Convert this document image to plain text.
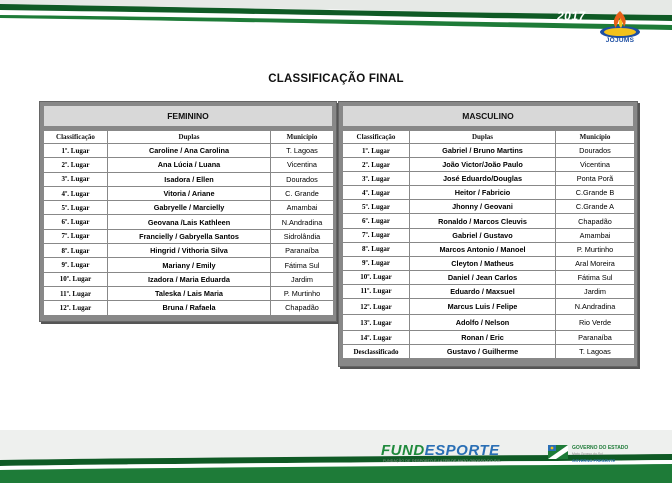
2017
JOJUMS
CLASSIFICAÇÃO FINAL
FEMININO
Classificação	Duplas	Município
1º. Lugar	Caroline / Ana Carolina	T. Lagoas
2º. Lugar	Ana Lúcia / Luana	Vicentina
3º. Lugar	Isadora / Ellen	Dourados
4º. Lugar	Vitoria / Ariane	C. Grande
5º. Lugar	Gabryelle / Marcielly	Amambai
6º. Lugar	Geovana /Lais Kathleen	N.Andradina
7º. Lugar	Francielly / Gabryella Santos	Sidrolândia
8º. Lugar	Hingrid / Vithoria Silva	Paranaíba
9º. Lugar	Mariany / Emily	Fátima Sul
10º. Lugar	Izadora / Maria Eduarda	Jardim
11º. Lugar	Taleska / Lais Maria	P. Murtinho
12º. Lugar	Bruna / Rafaela	Chapadão
MASCULINO
Classificação	Duplas	Município
1º. Lugar	Gabriel / Bruno Martins	Dourados
2º. Lugar	João Victor/João Paulo	Vicentina
3º. Lugar	José Eduardo/Douglas	Ponta Porã
4º. Lugar	Heitor / Fabricio	C.Grande B
5º. Lugar	Jhonny / Geovani	C.Grande A
6º. Lugar	Ronaldo / Marcos Cleuvis	Chapadão
7º. Lugar	Gabriel / Gustavo	Amambai
8º. Lugar	Marcos Antonio / Manoel	P. Murtinho
9º. Lugar	Cleyton / Matheus	Aral Moreira
10º. Lugar	Daniel / Jean Carlos	Fátima Sul
11º. Lugar	Eduardo / Maxsuel	Jardim
12º. Lugar	Marcus Luis / Felipe	N.Andradina
13º. Lugar	Adolfo / Nelson	Rio Verde
14º. Lugar	Ronan / Eric	Paranaíba
Desclassificado	Gustavo / Guilherme	T. Lagoas
FUNDESPORTE
FUNDAÇÃO DE DESPORTO E LAZER DE MATO GROSSO DO SUL
GOVERNO DO ESTADO
Mato Grosso do Sul
GOVERNO PRESENTE
